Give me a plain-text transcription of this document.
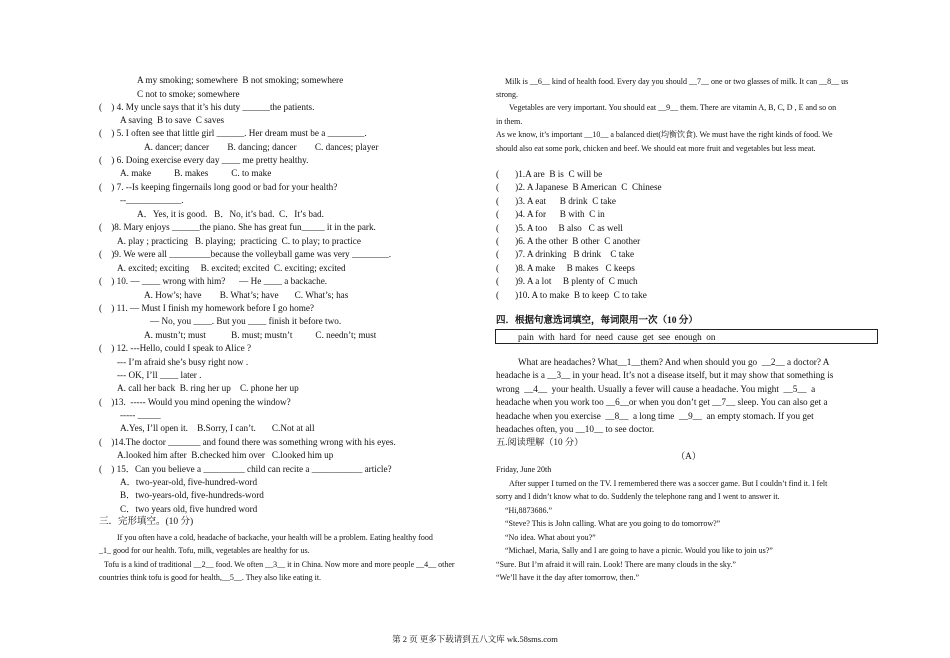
A my smoking; somewhere  B not smoking; somewhere
C not to smoke; somewhere
(    ) 4. My uncle says that it’s his duty ______the patients.
A saving  B to save  C saves
(    ) 5. I often see that little girl ______. Her dream must be a ________.
A. dancer; dancer        B. dancing; dancer        C. dances; player
(    ) 6. Doing exercise every day ____ me pretty healthy.
A. make          B. makes          C. to make
(    ) 7. --Is keeping fingernails long good or bad for your health?
--____________.
A．Yes, it is good.   B．No, it’s bad.  C．It’s bad.
(    )8. Mary enjoys ______the piano. She has great fun_____ it in the park.
A. play ; practicing   B. playing;  practicing  C. to play; to practice
(    )9. We were all _________because the volleyball game was very ________.
A. excited; exciting     B. excited; excited  C. exciting; excited
(    ) 10. — ____ wrong with him?      — He ____ a backache.
A. How’s; have        B. What’s; have       C. What’s; has
(    ) 11. — Must I finish my homework before I go home?
— No, you ____. But you ____ finish it before two.
A. mustn’t; must           B. must; mustn’t          C. needn’t; must
(    ) 12. ---Hello, could I speak to Alice ?
--- I’m afraid she’s busy right now .
--- OK, I’ll ____ later .
A. call her back  B. ring her up    C. phone her up
(    )13.  ----- Would you mind opening the window?
----- _____
A.Yes, I’ll open it.    B.Sorry, I can’t.       C.Not at all
(    )14.The doctor _______ and found there was something wrong with his eyes.
A.looked him after  B.checked him over   C.looked him up
(    ) 15．Can you believe a _________ child can recite a ___________ article?
A．two-year-old, five-hundred-word
B．two-years-old, five-hundreds-word
C．two years old, five hundred word
三．完形填空。(10 分)
If you often have a cold, headache of backache, your health will be a problem. Eating healthy food
_1_ good for our health. Tofu, milk, vegetables are healthy for us.
Tofu is a kind of traditional __2__ food. We often __3__ it in China. Now more and more people __4__ other
countries think tofu is good for health,__5__. They also like eating it.
Milk is __6__ kind of health food. Every day you should __7__ one or two glasses of milk. It can __8__ us
strong.
Vegetables are very important. You should eat __9__ them. There are vitamin A, B, C, D , E and so on
in them.
As we know, it’s important __10__ a balanced diet(均衡饮食). We must have the right kinds of food. We
should also eat some pork, chicken and beef. We should eat more fruit and vegetables but less meat.
(       )1.A are  B is  C will be
(       )2. A Japanese  B American  C  Chinese
(       )3. A eat      B drink  C take
(       )4. A for      B with  C in
(       )5. A too     B also   C as well
(       )6. A the other  B other  C another
(       )7. A drinking   B drink    C take
(       )8. A make     B makes   C keeps
(       )9. A a lot     B plenty of  C much
(       )10. A to make  B to keep  C to take
四．根据句意选词填空，每词限用一次（10 分）
pain  with  hard  for  need  cause  get  see  enough  on
What are headaches? What__1__them? And when should you go  __2__ a doctor? A
headache is a __3__ in your head. It’s not a disease itself, but it may show that something is
wrong  __4__  your health. Usually a fever will cause a headache. You might  __5__  a
headache when you work too __6__or when you don’t get __7__ sleep. You can also get a
headache when you exercise  __8__  a long time  __9__  an empty stomach. If you get
headaches often, you __10__ to see doctor.
五.阅读理解（10 分）
（A）
Friday, June 20th
After supper I turned on the TV. I remembered there was a soccer game. But I couldn’t find it. I felt
sorry and I didn’t know what to do. Suddenly the telephone rang and I went to answer it.
“Hi,8873686.”
“Steve? This is John calling. What are you going to do tomorrow?”
“No idea. What about you?”
“Michael, Maria, Sally and I are going to have a picnic. Would you like to join us?”
“Sure. But I’m afraid it will rain. Look! There are many clouds in the sky.”
“We’ll have it the day after tomorrow, then.”
第 2 页 更多下载请到五八文库 wk.58sms.com
